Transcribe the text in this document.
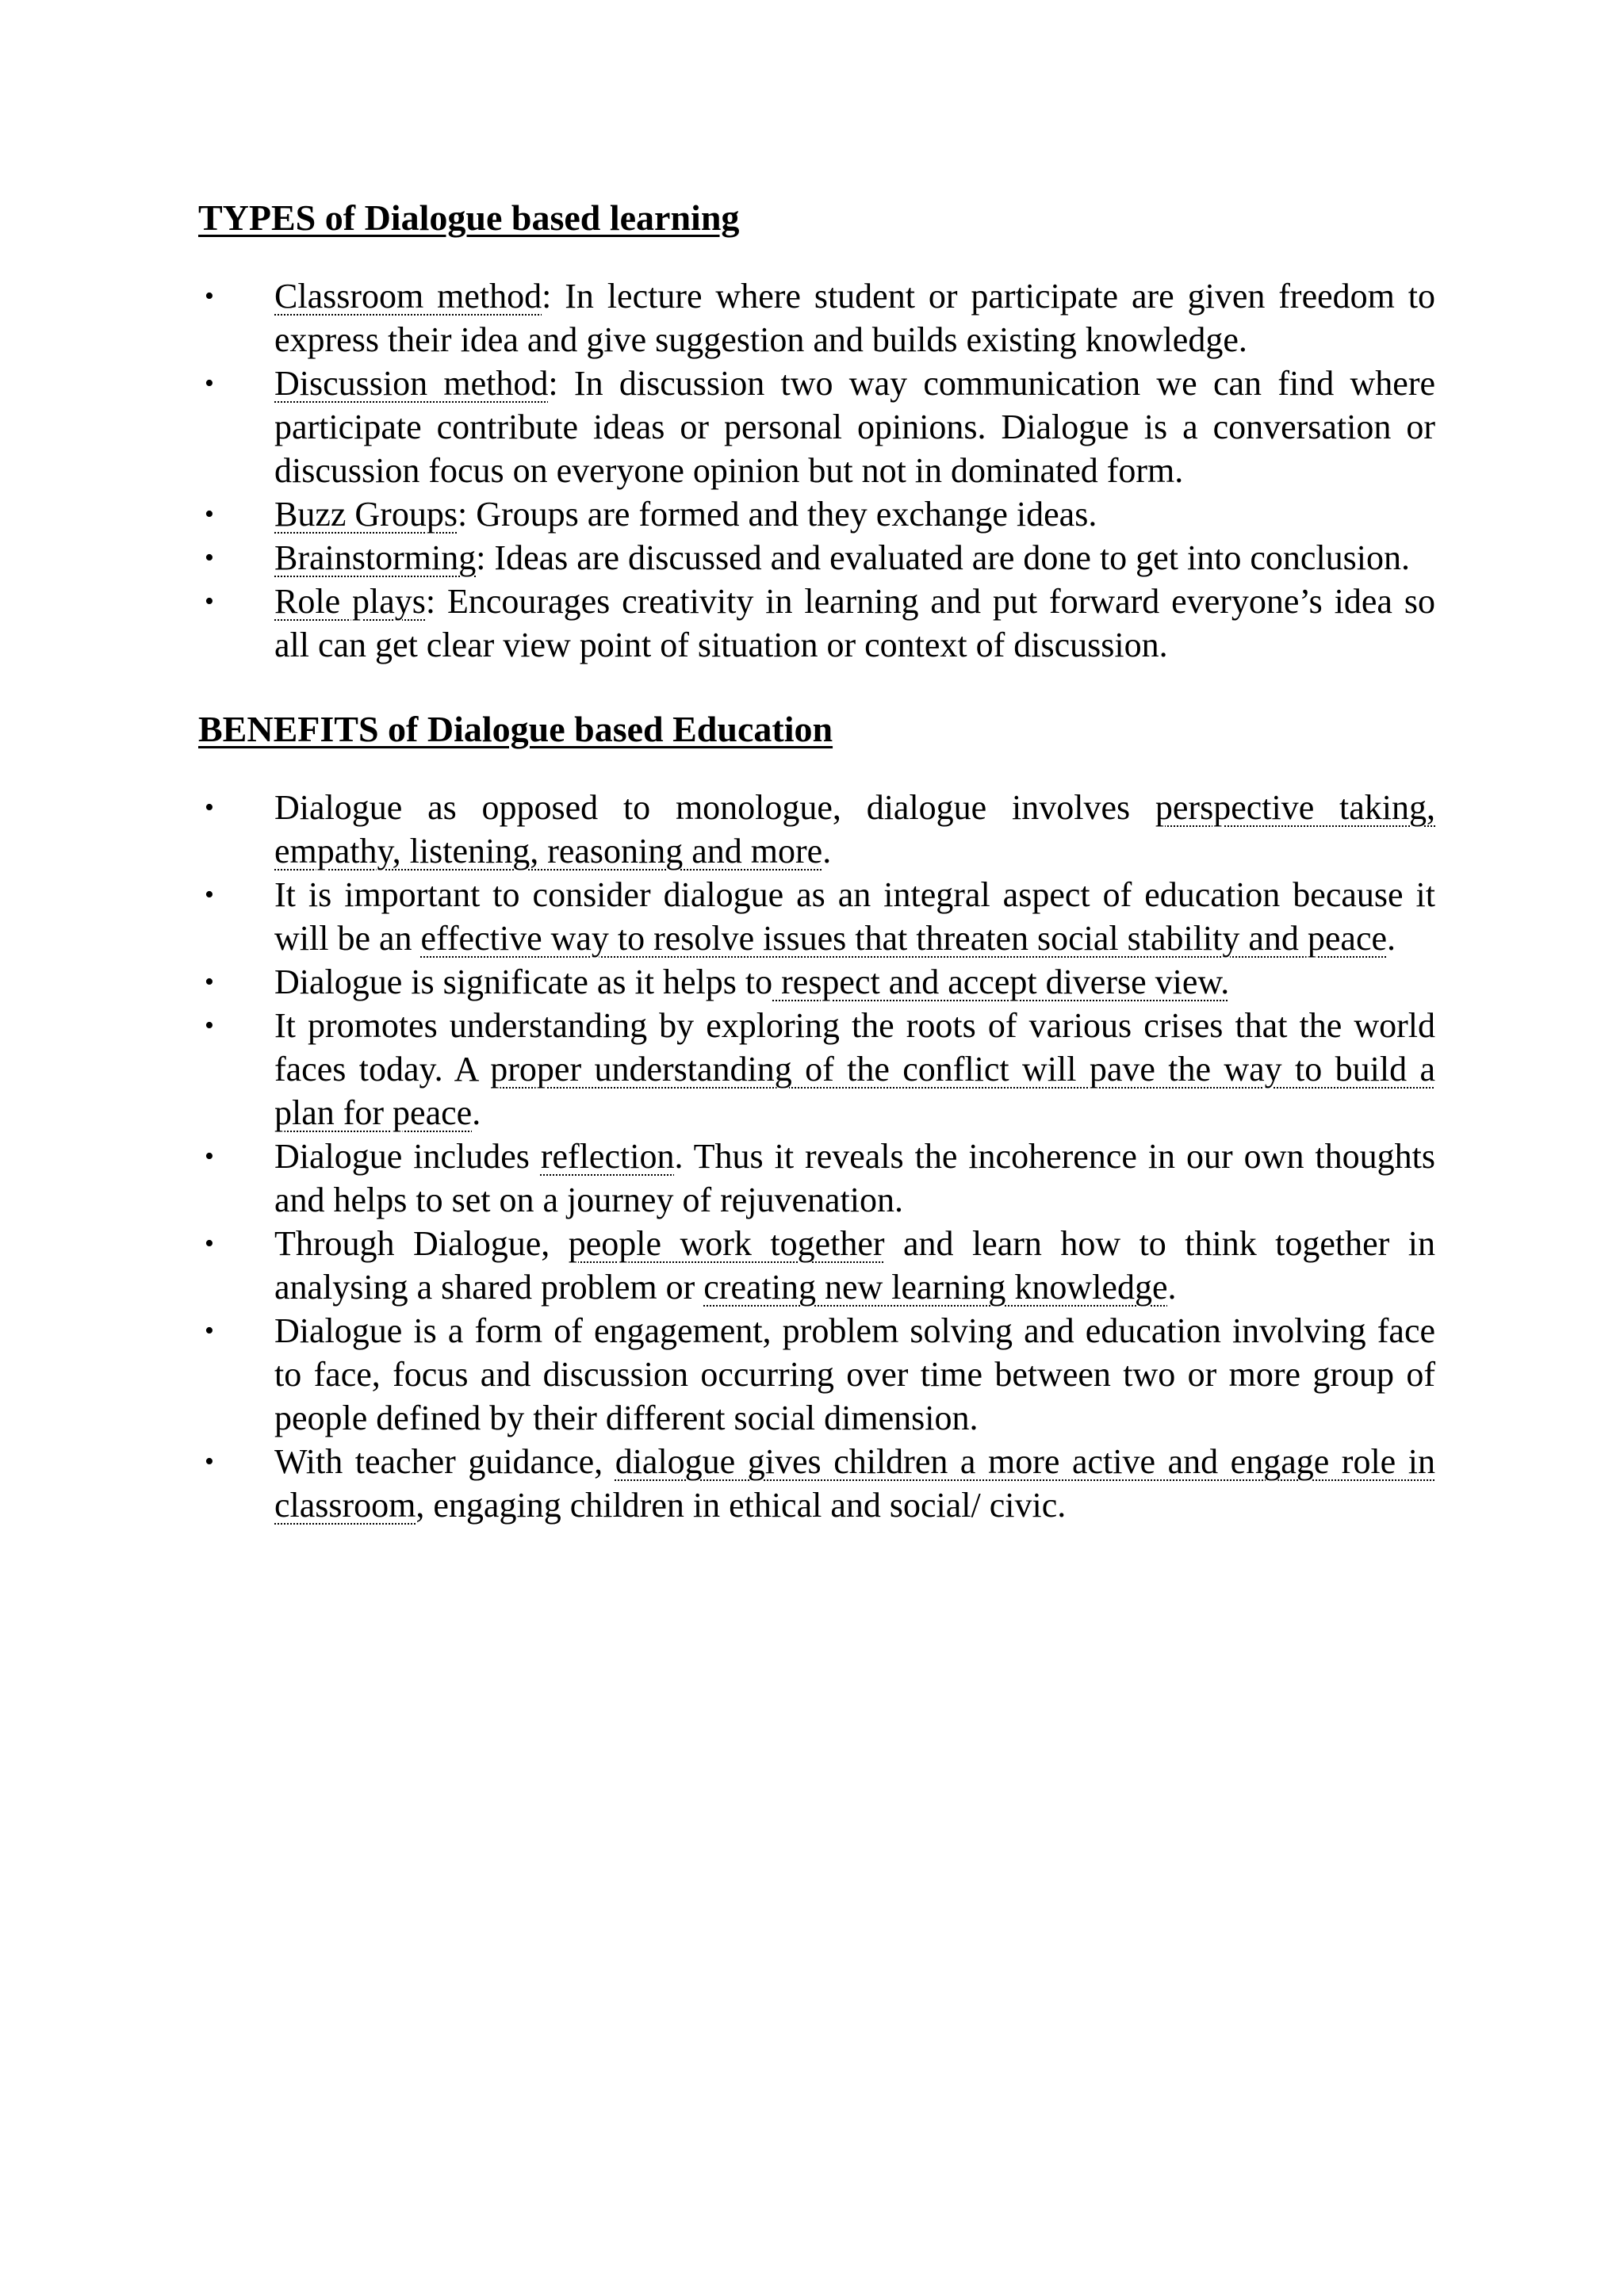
TYPES of Dialogue based learning
• Classroom method: In lecture where student or participate are given freedom to express their idea and give suggestion and builds existing knowledge.
• Discussion method: In discussion two way communication we can find where participate contribute ideas or personal opinions. Dialogue is a conversation or discussion focus on everyone opinion but not in dominated form.
• Buzz Groups: Groups are formed and they exchange ideas.
• Brainstorming: Ideas are discussed and evaluated are done to get into conclusion.
• Role plays: Encourages creativity in learning and put forward everyone’s idea so all can get clear view point of situation or context of discussion.
BENEFITS of Dialogue based Education
• Dialogue as opposed to monologue, dialogue involves perspective taking, empathy, listening, reasoning and more.
• It is important to consider dialogue as an integral aspect of education because it will be an effective way to resolve issues that threaten social stability and peace.
• Dialogue is significate as it helps to respect and accept diverse view.
• It promotes understanding by exploring the roots of various crises that the world faces today. A proper understanding of the conflict will pave the way to build a plan for peace.
• Dialogue includes reflection. Thus it reveals the incoherence in our own thoughts and helps to set on a journey of rejuvenation.
• Through Dialogue, people work together and learn how to think together in analysing a shared problem or creating new learning knowledge.
• Dialogue is a form of engagement, problem solving and education involving face to face, focus and discussion occurring over time between two or more group of people defined by their different social dimension.
• With teacher guidance, dialogue gives children a more active and engage role in classroom, engaging children in ethical and social/ civic.
